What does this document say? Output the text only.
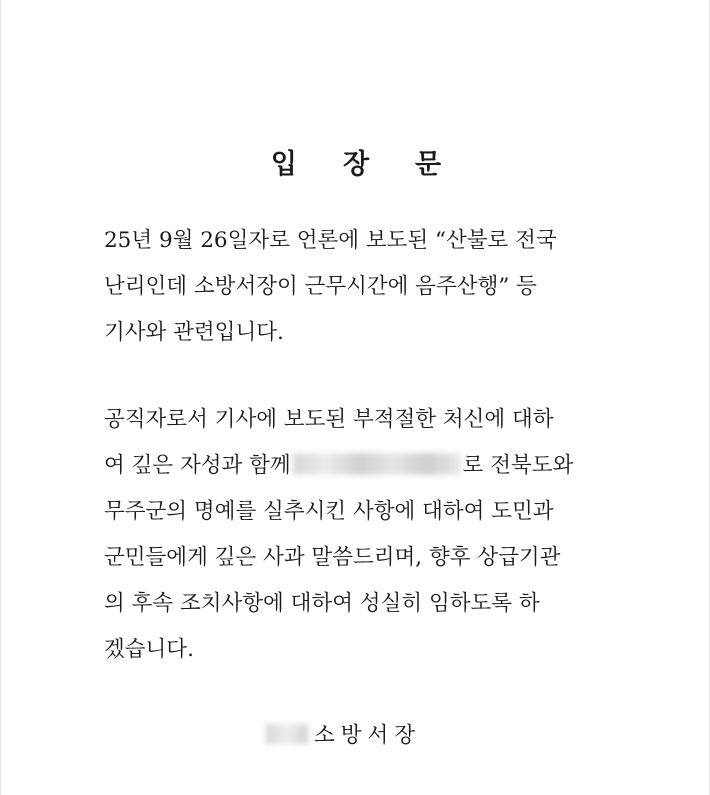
입 장 문
25년 9월 26일자로 언론에 보도된 “산불로 전국
난리인데 소방서장이 근무시간에 음주산행” 등
기사와 관련입니다.
공직자로서 기사에 보도된 부적절한 처신에 대하
여 깊은 자성과 함께	로 전북도와
무주군의 명예를 실추시킨 사항에 대하여 도민과
군민들에게 깊은 사과 말씀드리며, 향후 상급기관
의 후속 조치사항에 대하여 성실히 임하도록 하
겠습니다.
소방서장
